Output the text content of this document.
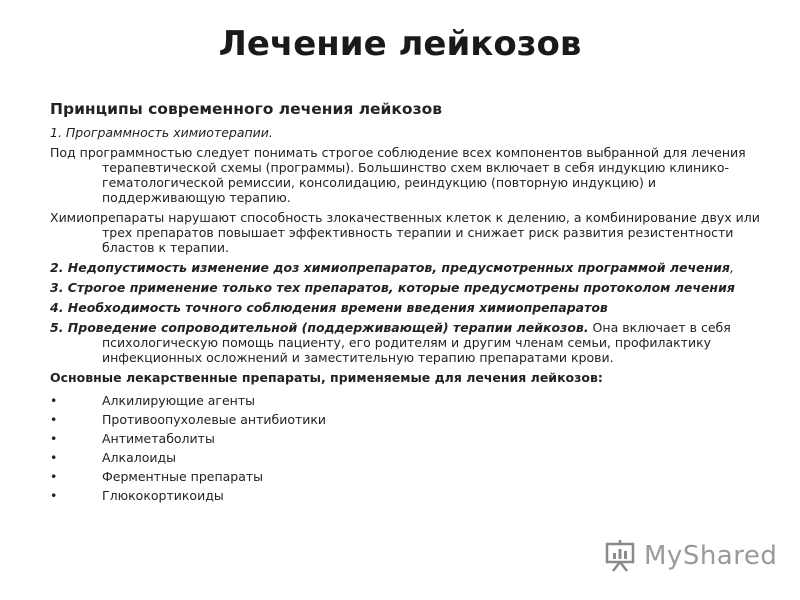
Лечение лейкозов
Принципы современного лечения лейкозов
1. Программность химиотерапии.
Под программностью следует понимать строгое соблюдение всех компонентов выбранной для лечения терапевтической схемы (программы). Большинство схем включает в себя индукцию клинико-гематологической ремиссии, консолидацию, реиндукцию (повторную индукцию) и поддерживающую терапию.
Химиопрепараты нарушают способность злокачественных клеток к делению, а комбинирование двух или трех препаратов повышает эффективность терапии и снижает риск развития резистентности бластов к терапии.
2. Недопустимость изменение доз химиопрепаратов, предусмотренных программой лечения,
3. Строгое применение только тех препаратов, которые предусмотрены протоколом лечения
4. Необходимость точного соблюдения времени введения химиопрепаратов
5. Проведение сопроводительной (поддерживающей) терапии лейкозов. Она включает в себя психологическую помощь пациенту, его родителям и другим членам семьи, профилактику инфекционных осложнений и заместительную терапию препаратами крови.
Основные лекарственные препараты, применяемые для лечения лейкозов:
•	Алкилирующие агенты
•	Противоопухолевые антибиотики
•	Антиметаболиты
•	Алкалоиды
•	Ферментные препараты
•	Глюкокортикоиды
MyShared
